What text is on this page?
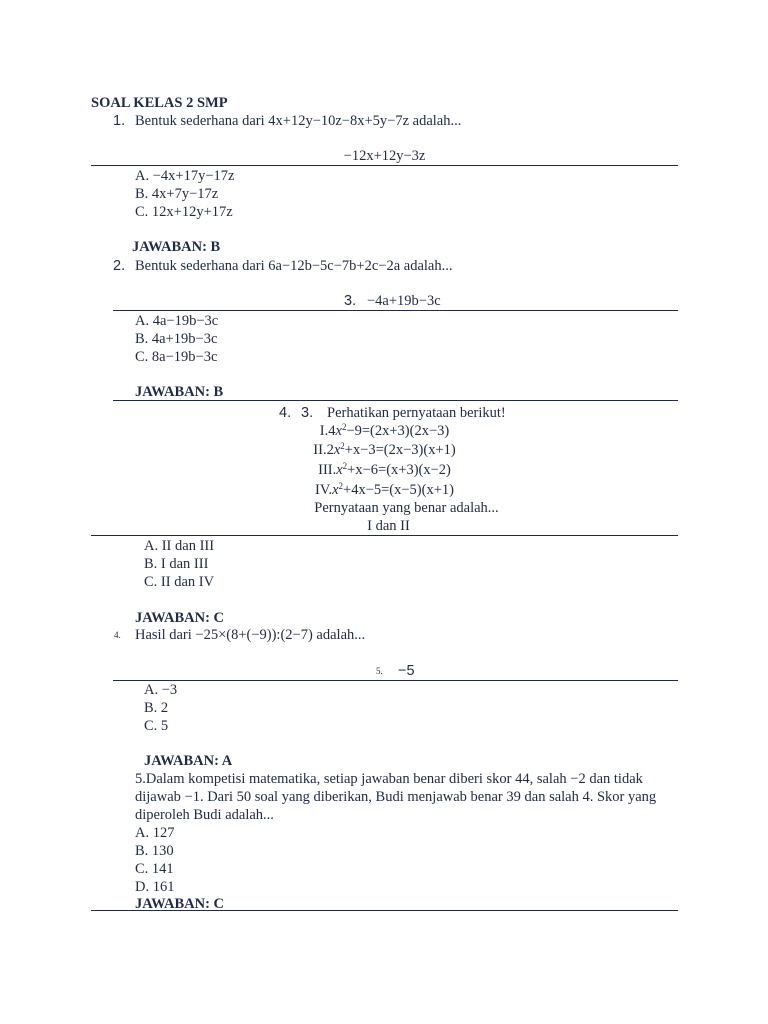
SOAL KELAS 2 SMP
1. Bentuk sederhana dari 4x+12y−10z−8x+5y−7z adalah...
−12x+12y−3z
A. −4x+17y−17z
B. 4x+7y−17z
C. 12x+12y+17z
JAWABAN: B
2. Bentuk sederhana dari 6a−12b−5c−7b+2c−2a adalah...
3. −4a+19b−3c
A. 4a−19b−3c
B. 4a+19b−3c
C. 8a−19b−3c
JAWABAN: B
4. 3. Perhatikan pernyataan berikut!
$I.4x^2-9=(2x+3)(2x-3)$
$II.2x^2+x-3=(2x-3)(x+1)$
$III.x^2+x-6=(x+3)(x-2)$
$IV.x^2+4x-5=(x-5)(x+1)$
Pernyataan yang benar adalah...
I dan II
A. II dan III
B. I dan III
C. II dan IV
JAWABAN: C
4. Hasil dari −25×(8+(−9)):(2−7) adalah...
5. −5
A. −3
B. 2
C. 5
JAWABAN: A
5.Dalam kompetisi matematika, setiap jawaban benar diberi skor 44, salah −2 dan tidak dijawab −1. Dari 50 soal yang diberikan, Budi menjawab benar 39 dan salah 4. Skor yang diperoleh Budi adalah...
A. 127
B. 130
C. 141
D. 161
JAWABAN: C
